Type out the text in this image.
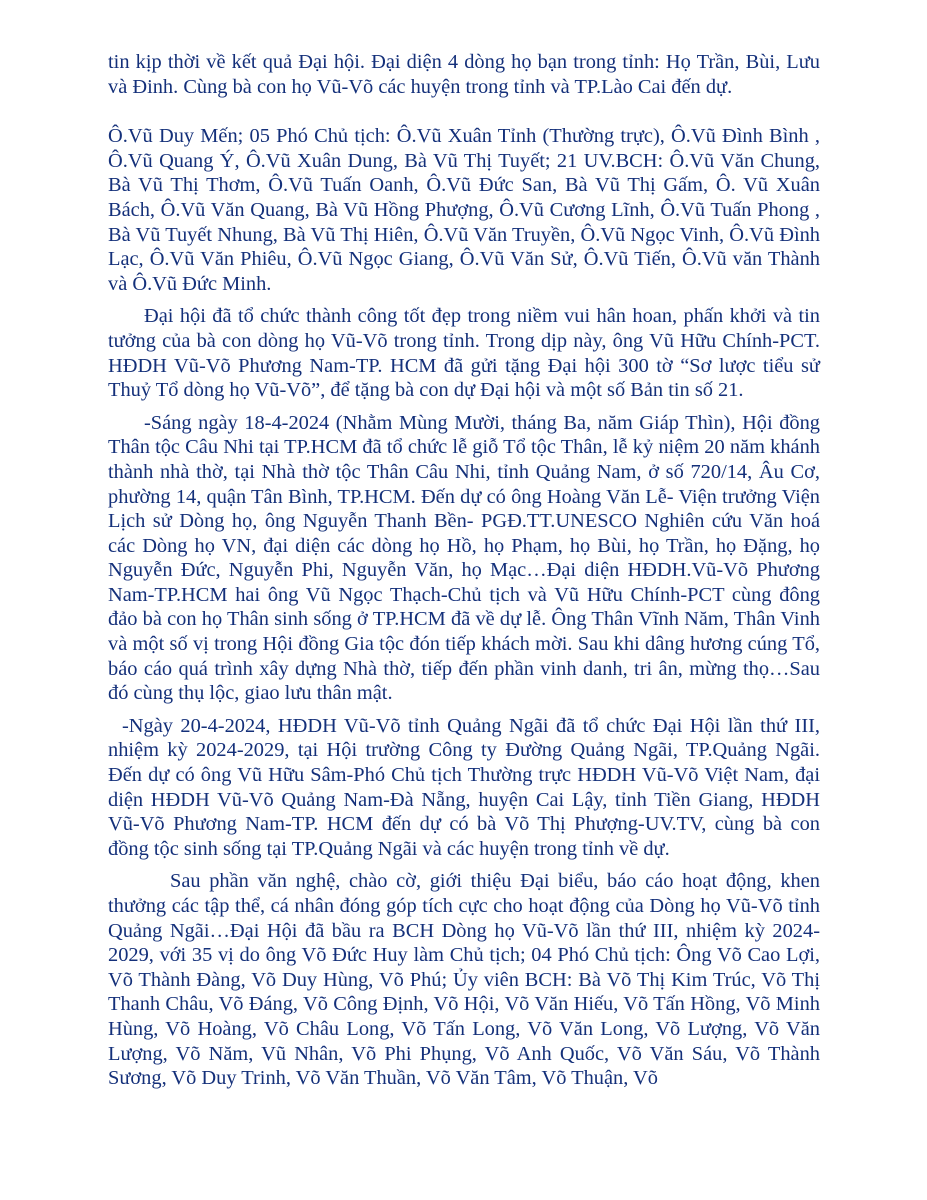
tin kịp thời về kết quả Đại hội. Đại diện 4 dòng họ bạn trong tỉnh: Họ Trần, Bùi, Lưu và Đinh. Cùng bà con họ Vũ-Võ các huyện trong tỉnh và TP.Lào Cai đến dự.

Ô.Vũ Duy Mến; 05 Phó Chủ tịch: Ô.Vũ Xuân Tỉnh (Thường trực), Ô.Vũ Đình Bình , Ô.Vũ Quang Ý, Ô.Vũ Xuân Dung, Bà Vũ Thị Tuyết; 21 UV.BCH: Ô.Vũ Văn Chung, Bà Vũ Thị Thơm, Ô.Vũ Tuấn Oanh, Ô.Vũ Đức San, Bà Vũ Thị Gấm, Ô. Vũ Xuân Bách, Ô.Vũ Văn Quang, Bà Vũ Hồng Phượng, Ô.Vũ Cương Lĩnh, Ô.Vũ Tuấn Phong , Bà Vũ Tuyết Nhung, Bà Vũ Thị Hiên, Ô.Vũ Văn Truyền, Ô.Vũ Ngọc Vinh, Ô.Vũ Đình Lạc, Ô.Vũ Văn Phiêu, Ô.Vũ Ngọc Giang, Ô.Vũ Văn Sử, Ô.Vũ Tiến, Ô.Vũ văn Thành và Ô.Vũ Đức Minh.

Đại hội đã tổ chức thành công tốt đẹp trong niềm vui hân hoan, phấn khởi và tin tưởng của bà con dòng họ Vũ-Võ trong tỉnh. Trong dịp này, ông Vũ Hữu Chính-PCT. HĐDH Vũ-Võ Phương Nam-TP. HCM đã gửi tặng Đại hội 300 tờ “Sơ lược tiểu sử Thuỷ Tổ dòng họ Vũ-Võ”, để tặng bà con dự Đại hội và một số Bản tin số 21.

-Sáng ngày 18-4-2024 (Nhằm Mùng Mười, tháng Ba, năm Giáp Thìn), Hội đồng Thân tộc Câu Nhi tại TP.HCM đã tổ chức lễ giỗ Tổ tộc Thân, lễ kỷ niệm 20 năm khánh thành nhà thờ, tại Nhà thờ tộc Thân Câu Nhi, tỉnh Quảng Nam, ở số 720/14, Âu Cơ, phường 14, quận Tân Bình, TP.HCM. Đến dự có ông Hoàng Văn Lễ- Viện trưởng Viện Lịch sử Dòng họ, ông Nguyễn Thanh Bền- PGĐ.TT.UNESCO Nghiên cứu Văn hoá các Dòng họ VN, đại diện các dòng họ Hồ, họ Phạm, họ Bùi, họ Trần, họ Đặng, họ Nguyễn Đức, Nguyễn Phi, Nguyễn Văn, họ Mạc…Đại diện HĐDH.Vũ-Võ Phương Nam-TP.HCM hai ông Vũ Ngọc Thạch-Chủ tịch và Vũ Hữu Chính-PCT cùng đông đảo bà con họ Thân sinh sống ở TP.HCM đã về dự lễ. Ông Thân Vĩnh Năm, Thân Vinh và một số vị trong Hội đồng Gia tộc đón tiếp khách mời. Sau khi dâng hương cúng Tổ, báo cáo quá trình xây dựng Nhà thờ, tiếp đến phần vinh danh, tri ân, mừng thọ…Sau đó cùng thụ lộc, giao lưu thân mật.

-Ngày 20-4-2024, HĐDH Vũ-Võ tỉnh Quảng Ngãi đã tổ chức Đại Hội lần thứ III, nhiệm kỳ 2024-2029, tại Hội trường Công ty Đường Quảng Ngãi, TP.Quảng Ngãi. Đến dự có ông Vũ Hữu Sâm-Phó Chủ tịch Thường trực HĐDH Vũ-Võ Việt Nam, đại diện HĐDH Vũ-Võ Quảng Nam-Đà Nẵng, huyện Cai Lậy, tỉnh Tiền Giang, HĐDH Vũ-Võ Phương Nam-TP. HCM đến dự có bà Võ Thị Phượng-UV.TV, cùng bà con đồng tộc sinh sống tại TP.Quảng Ngãi và các huyện trong tỉnh về dự.

Sau phần văn nghệ, chào cờ, giới thiệu Đại biểu, báo cáo hoạt động, khen thưởng các tập thể, cá nhân đóng góp tích cực cho hoạt động của Dòng họ Vũ-Võ tỉnh Quảng Ngãi…Đại Hội đã bầu ra BCH Dòng họ Vũ-Võ lần thứ III, nhiệm kỳ 2024-2029, với 35 vị do ông Võ Đức Huy làm Chủ tịch; 04 Phó Chủ tịch: Ông Võ Cao Lợi, Võ Thành Đàng, Võ Duy Hùng, Võ Phú; Ủy viên BCH: Bà Võ Thị Kim Trúc, Võ Thị Thanh Châu, Võ Đáng, Võ Công Định, Võ Hội, Võ Văn Hiếu, Võ Tấn Hồng, Võ Minh Hùng, Võ Hoàng, Võ Châu Long, Võ Tấn Long, Võ Văn Long, Võ Lượng, Võ Văn Lượng, Võ Năm, Vũ Nhân, Võ Phi Phụng, Võ Anh Quốc, Võ Văn Sáu, Võ Thành Sương, Võ Duy Trinh, Võ Văn Thuần, Võ Văn Tâm, Võ Thuận, Võ
